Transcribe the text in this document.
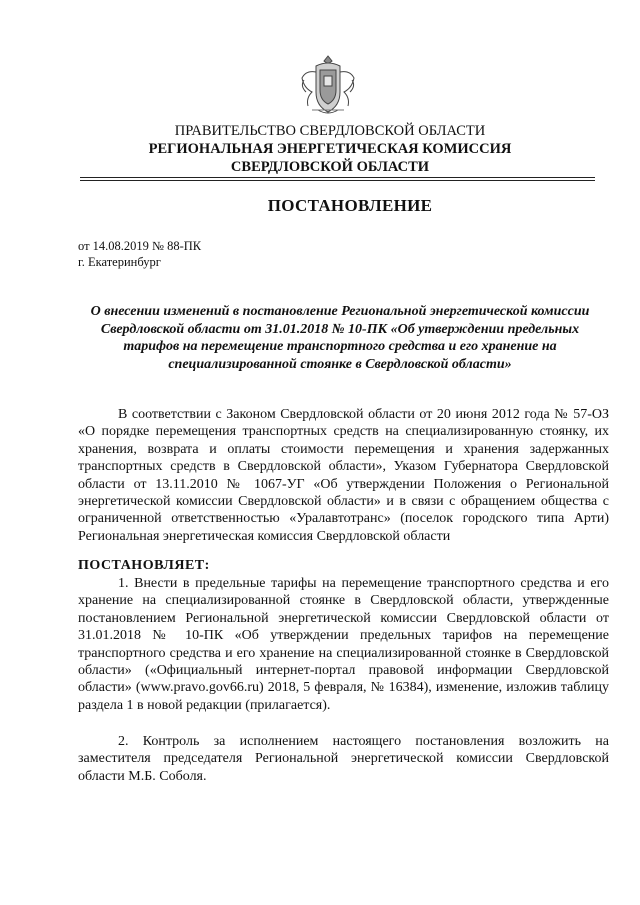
ПРАВИТЕЛЬСТВО СВЕРДЛОВСКОЙ ОБЛАСТИ
РЕГИОНАЛЬНАЯ ЭНЕРГЕТИЧЕСКАЯ КОМИССИЯ
СВЕРДЛОВСКОЙ ОБЛАСТИ
ПОСТАНОВЛЕНИЕ
от 14.08.2019 № 88-ПК
г. Екатеринбург
О внесении изменений в постановление Региональной энергетической комиссии Свердловской области от 31.01.2018 № 10-ПК «Об утверждении предельных тарифов на перемещение транспортного средства и его хранение на специализированной стоянке в Свердловской области»
В соответствии с Законом Свердловской области от 20 июня 2012 года № 57-ОЗ «О порядке перемещения транспортных средств на специализированную стоянку, их хранения, возврата и оплаты стоимости перемещения и хранения задержанных транспортных средств в Свердловской области», Указом Губернатора Свердловской области от 13.11.2010 № 1067-УГ «Об утверждении Положения о Региональной энергетической комиссии Свердловской области» и в связи с обращением общества с ограниченной ответственностью «Уралавтотранс» (поселок городского типа Арти) Региональная энергетическая комиссия Свердловской области
ПОСТАНОВЛЯЕТ:
1. Внести в предельные тарифы на перемещение транспортного средства и его хранение на специализированной стоянке в Свердловской области, утвержденные постановлением Региональной энергетической комиссии Свердловской области от 31.01.2018 № 10-ПК «Об утверждении предельных тарифов на перемещение транспортного средства и его хранение на специализированной стоянке в Свердловской области» («Официальный интернет-портал правовой информации Свердловской области» (www.pravo.gov66.ru) 2018, 5 февраля, № 16384), изменение, изложив таблицу раздела 1 в новой редакции (прилагается).
2. Контроль за исполнением настоящего постановления возложить на заместителя председателя Региональной энергетической комиссии Свердловской области М.Б. Соболя.
